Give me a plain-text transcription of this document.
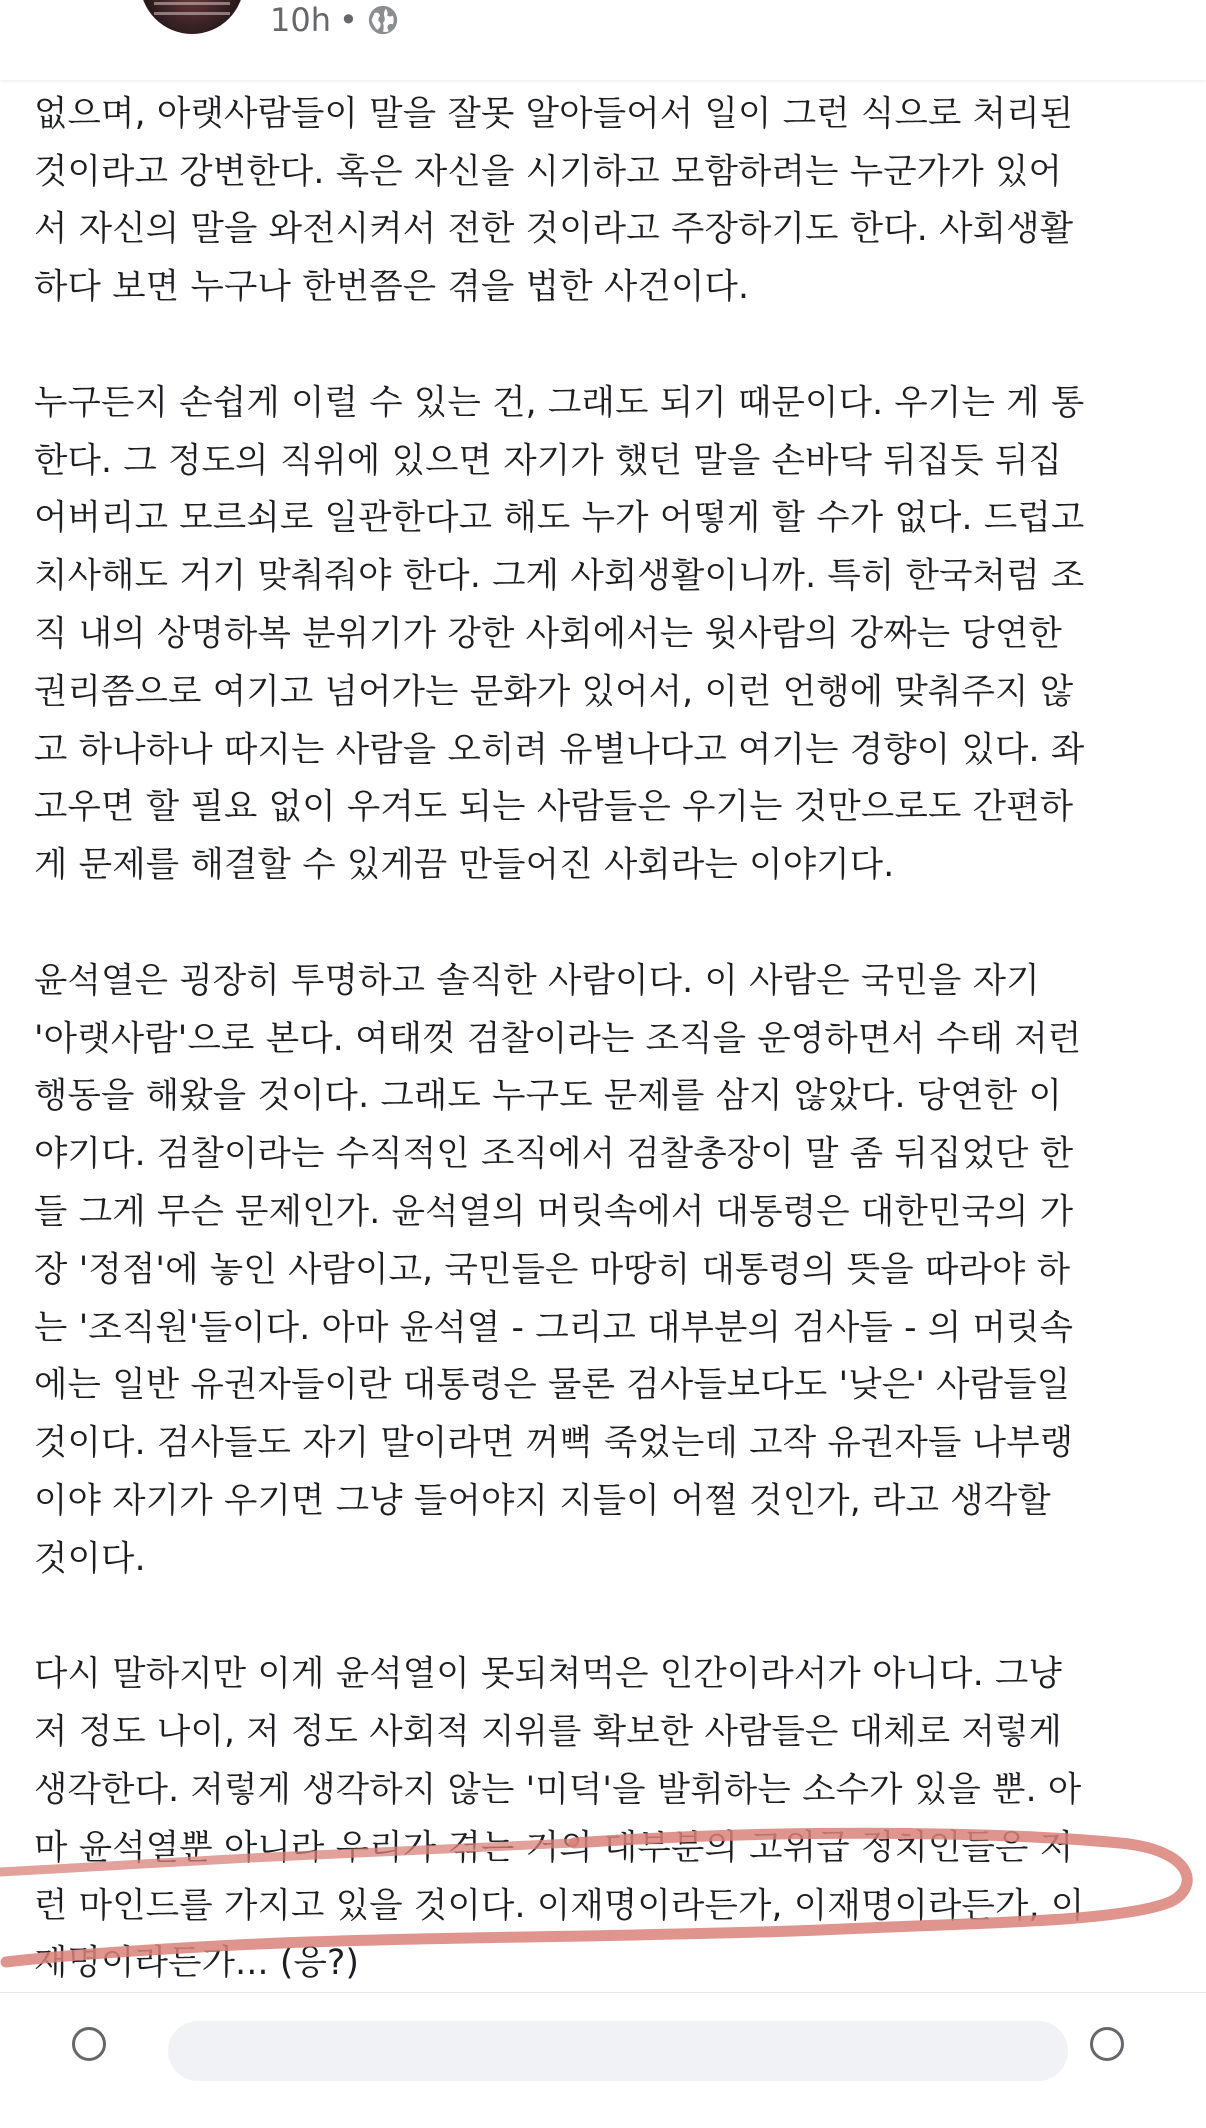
10h •
없으며, 아랫사람들이 말을 잘못 알아들어서 일이 그런 식으로 처리된
것이라고 강변한다. 혹은 자신을 시기하고 모함하려는 누군가가 있어
서 자신의 말을 와전시켜서 전한 것이라고 주장하기도 한다. 사회생활
하다 보면 누구나 한번쯤은 겪을 법한 사건이다.
누구든지 손쉽게 이럴 수 있는 건, 그래도 되기 때문이다. 우기는 게 통
한다. 그 정도의 직위에 있으면 자기가 했던 말을 손바닥 뒤집듯 뒤집
어버리고 모르쇠로 일관한다고 해도 누가 어떻게 할 수가 없다. 드럽고
치사해도 거기 맞춰줘야 한다. 그게 사회생활이니까. 특히 한국처럼 조
직 내의 상명하복 분위기가 강한 사회에서는 윗사람의 강짜는 당연한
권리쯤으로 여기고 넘어가는 문화가 있어서, 이런 언행에 맞춰주지 않
고 하나하나 따지는 사람을 오히려 유별나다고 여기는 경향이 있다. 좌
고우면 할 필요 없이 우겨도 되는 사람들은 우기는 것만으로도 간편하
게 문제를 해결할 수 있게끔 만들어진 사회라는 이야기다.
윤석열은 굉장히 투명하고 솔직한 사람이다. 이 사람은 국민을 자기
'아랫사람'으로 본다. 여태껏 검찰이라는 조직을 운영하면서 수태 저런
행동을 해왔을 것이다. 그래도 누구도 문제를 삼지 않았다. 당연한 이
야기다. 검찰이라는 수직적인 조직에서 검찰총장이 말 좀 뒤집었단 한
들 그게 무슨 문제인가. 윤석열의 머릿속에서 대통령은 대한민국의 가
장 '정점'에 놓인 사람이고, 국민들은 마땅히 대통령의 뜻을 따라야 하
는 '조직원'들이다. 아마 윤석열 - 그리고 대부분의 검사들 - 의 머릿속
에는 일반 유권자들이란 대통령은 물론 검사들보다도 '낮은' 사람들일
것이다. 검사들도 자기 말이라면 꺼뻑 죽었는데 고작 유권자들 나부랭
이야 자기가 우기면 그냥 들어야지 지들이 어쩔 것인가, 라고 생각할
것이다.
다시 말하지만 이게 윤석열이 못되쳐먹은 인간이라서가 아니다. 그냥
저 정도 나이, 저 정도 사회적 지위를 확보한 사람들은 대체로 저렇게
생각한다. 저렇게 생각하지 않는 '미덕'을 발휘하는 소수가 있을 뿐. 아
마 윤석열뿐 아니라 우리가 겪는 거의 대부분의 고위급 정치인들은 저
런 마인드를 가지고 있을 것이다. 이재명이라든가, 이재명이라든가, 이
재명이라든가... (응?)
